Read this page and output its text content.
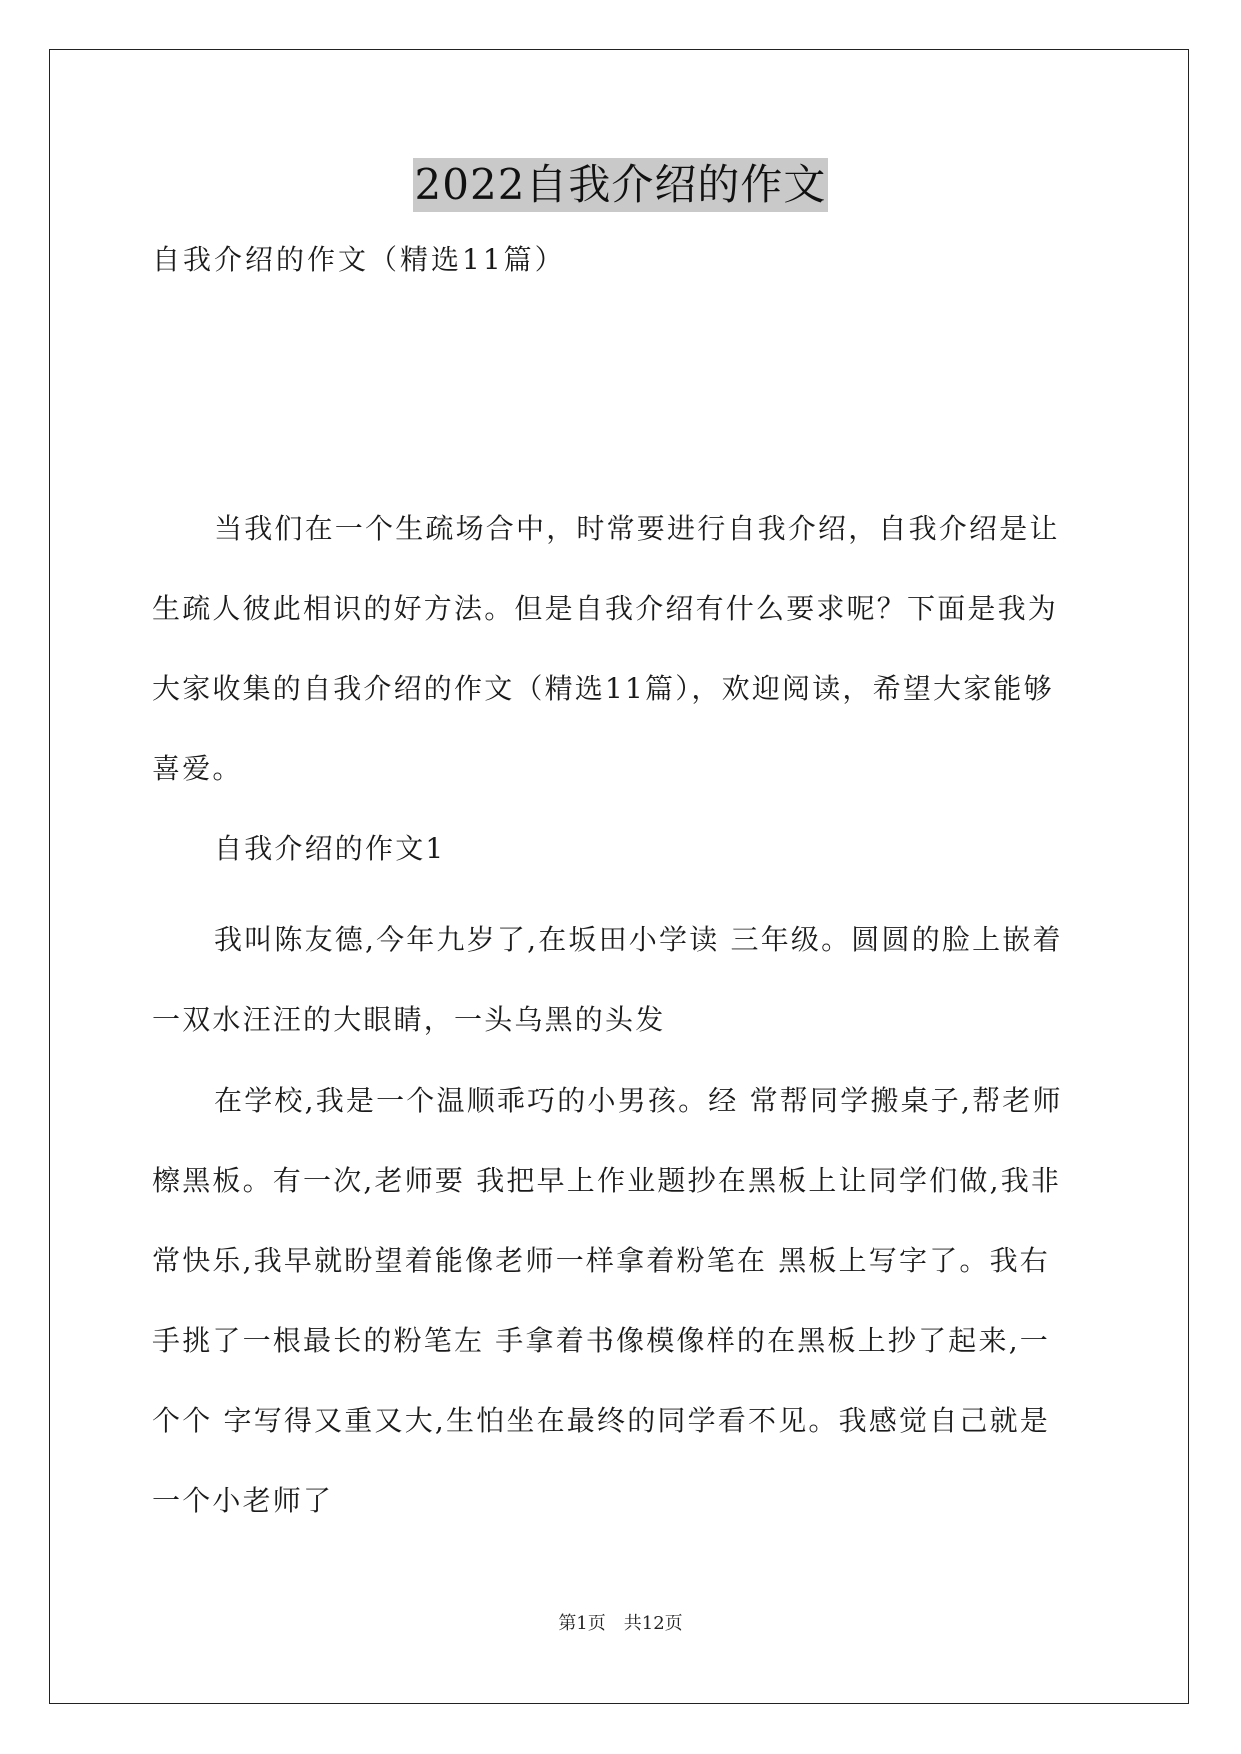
2022自我介绍的作文
自我介绍的作文（精选11篇）
当我们在一个生疏场合中，时常要进行自我介绍，自我介绍是让
生疏人彼此相识的好方法。但是自我介绍有什么要求呢？下面是我为
大家收集的自我介绍的作文（精选11篇），欢迎阅读，希望大家能够
喜爱。
自我介绍的作文1
我叫陈友德,今年九岁了,在坂田小学读 三年级。圆圆的脸上嵌着
一双水汪汪的大眼睛，一头乌黑的头发
在学校,我是一个温顺乖巧的小男孩。经 常帮同学搬桌子,帮老师
檫黑板。有一次,老师要 我把早上作业题抄在黑板上让同学们做,我非
常快乐,我早就盼望着能像老师一样拿着粉笔在 黑板上写字了。我右
手挑了一根最长的粉笔左 手拿着书像模像样的在黑板上抄了起来,一
个个 字写得又重又大,生怕坐在最终的同学看不见。我感觉自己就是
一个小老师了
第1页 共12页
